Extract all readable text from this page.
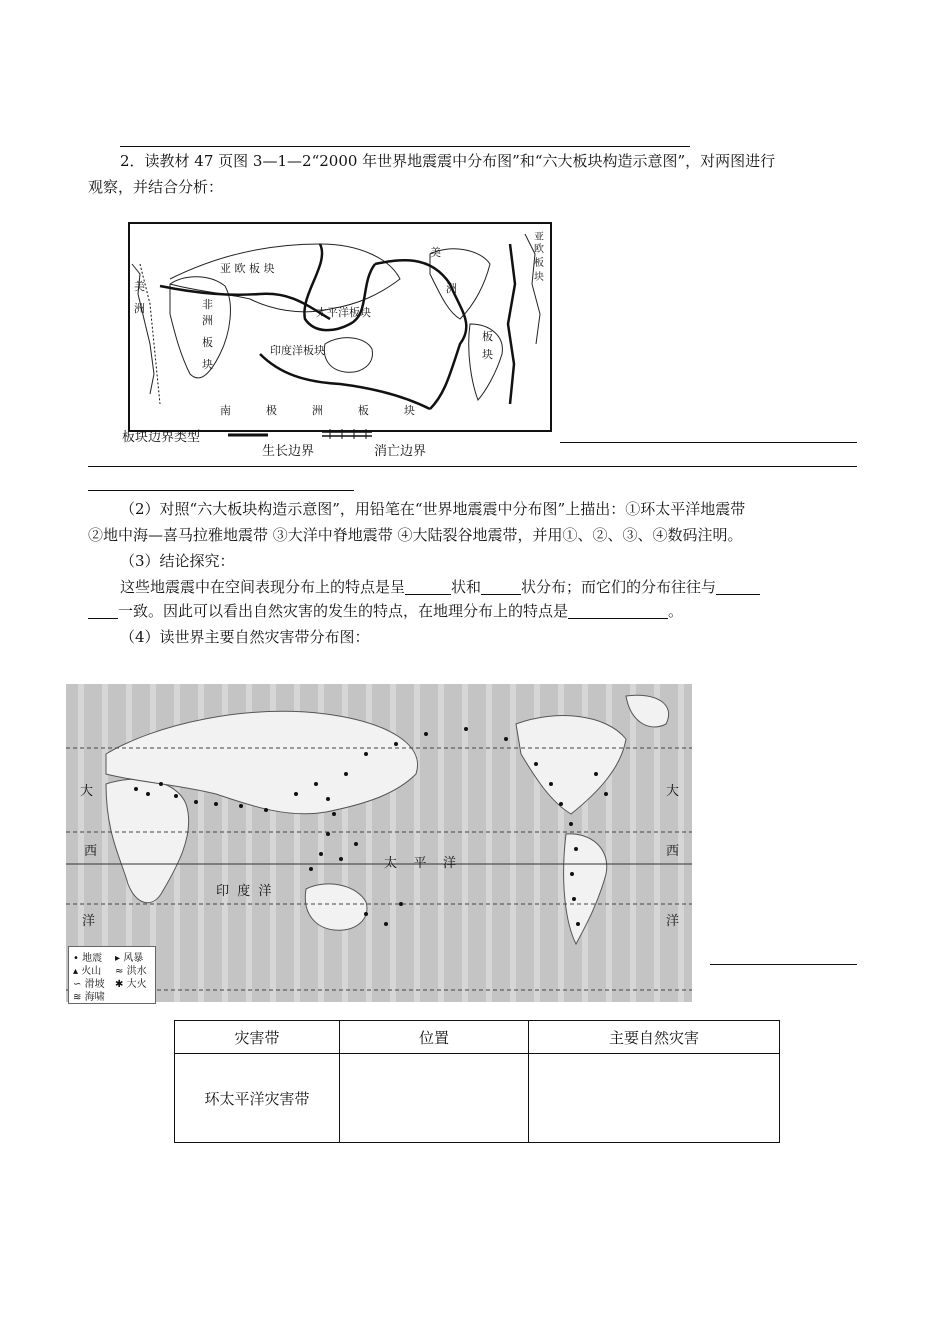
2．读教材 47 页图 3—1—2“2000 年世界地震震中分布图”和“六大板块构造示意图”，对两图进行
观察，并结合分析：
亚 欧 板 块
非
洲
板
块
太平洋板块
印度洋板块
美
洲
美
洲
板
块
亚
欧
板
块
南          极          洲          板          块
板块边界类型
生长边界	消亡边界
（2）对照“六大板块构造示意图”，用铅笔在“世界地震震中分布图”上描出：①环太平洋地震带
②地中海—喜马拉雅地震带 ③大洋中脊地震带 ④大陆裂谷地震带，并用①、②、③、④数码注明。
（3）结论探究：
这些地震震中在空间表现分布上的特点是呈	状和	状分布；而它们的分布往往与
一致。因此可以看出自然灾害的发生的特点，在地理分布上的特点是	。
（4）读世界主要自然灾害带分布图：
大
西
洋
大
西
洋
太    平    洋
印  度  洋
• 地震 ▸ 风暴
▴ 火山 ≈ 洪水
∽ 滑坡 ✱ 大火
≋ 海啸
灾害带	位置	主要自然灾害
环太平洋灾害带		
